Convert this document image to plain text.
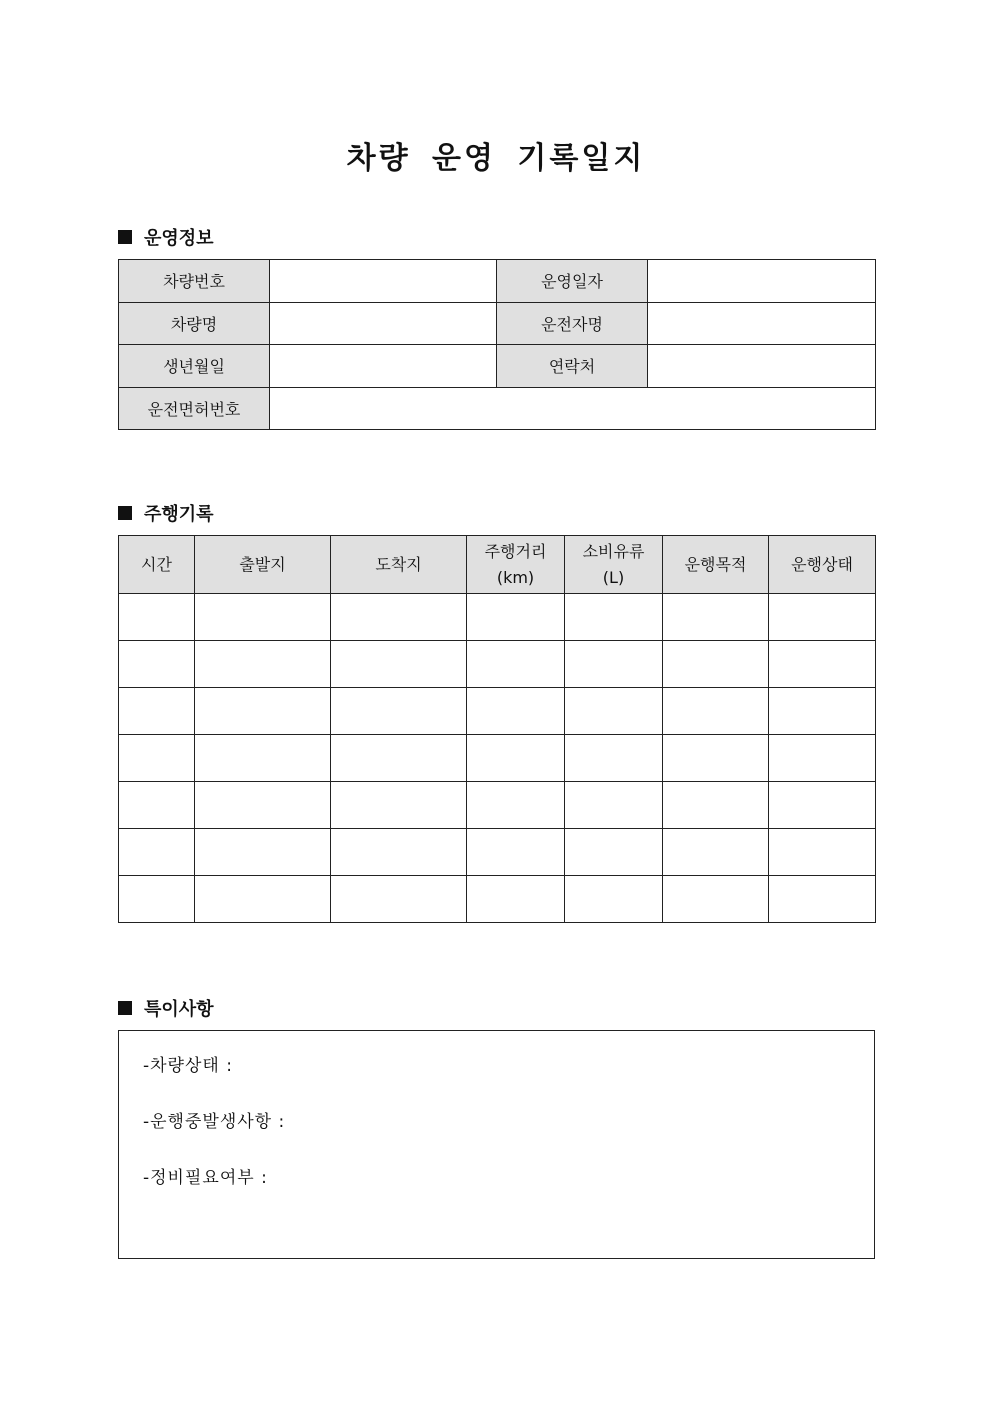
차량 운영 기록일지
운영정보
차량번호		운영일자	
차량명		운전자명	
생년월일		연락처	
운전면허번호			
주행기록
시간	출발지	도착지	주행거리(km)	소비유류(L)	운행목적	운행상태

특이사항
-차량상태 :
-운행중발생사항 :
-정비필요여부 :
